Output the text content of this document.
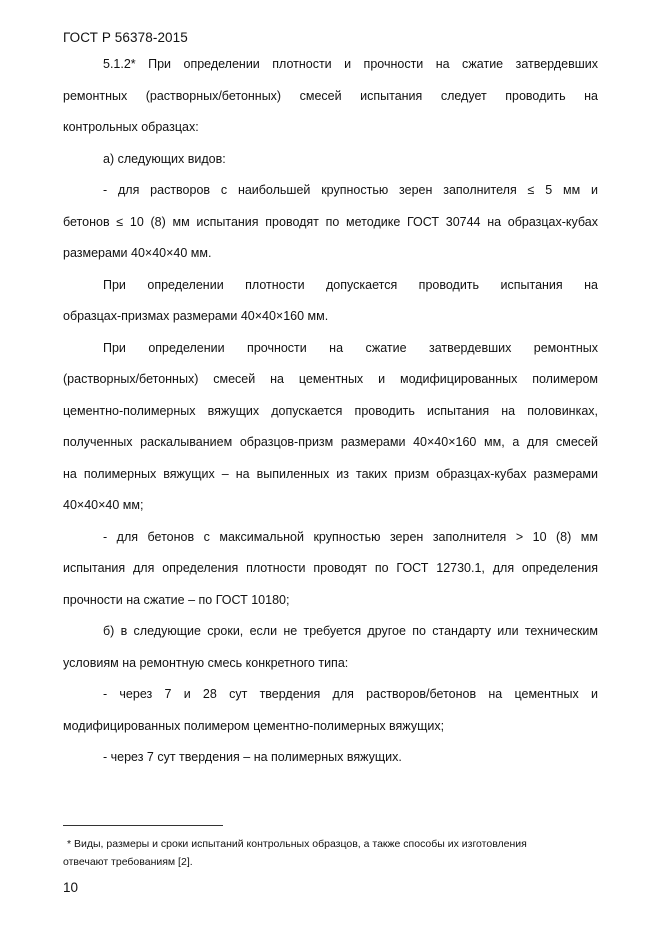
ГОСТ Р 56378-2015
5.1.2* При определении плотности и прочности на сжатие затвердевших
ремонтных (растворных/бетонных) смесей испытания следует проводить на
контрольных образцах:
а) следующих видов:
- для растворов с наибольшей крупностью зерен заполнителя ≤ 5 мм и
бетонов ≤ 10 (8) мм испытания проводят по методике ГОСТ 30744 на образцах-кубах
размерами 40×40×40 мм.
При определении плотности допускается проводить испытания на
образцах-призмах размерами 40×40×160 мм.
При определении прочности на сжатие затвердевших ремонтных
(растворных/бетонных) смесей на цементных и модифицированных полимером
цементно-полимерных вяжущих допускается проводить испытания на половинках,
полученных раскалыванием образцов-призм размерами 40×40×160 мм, а для смесей
на полимерных вяжущих – на выпиленных из таких призм образцах-кубах размерами
40×40×40 мм;
- для бетонов с максимальной крупностью зерен заполнителя > 10 (8) мм
испытания для определения плотности проводят по ГОСТ 12730.1, для определения
прочности на сжатие – по ГОСТ 10180;
б) в следующие сроки, если не требуется другое по стандарту или техническим
условиям на ремонтную смесь конкретного типа:
- через 7 и 28 сут твердения для растворов/бетонов на цементных и
модифицированных полимером цементно-полимерных вяжущих;
- через 7 сут твердения – на полимерных вяжущих.
* Виды, размеры и сроки испытаний контрольных образцов, а также способы их изготовления
отвечают требованиям [2].
10
